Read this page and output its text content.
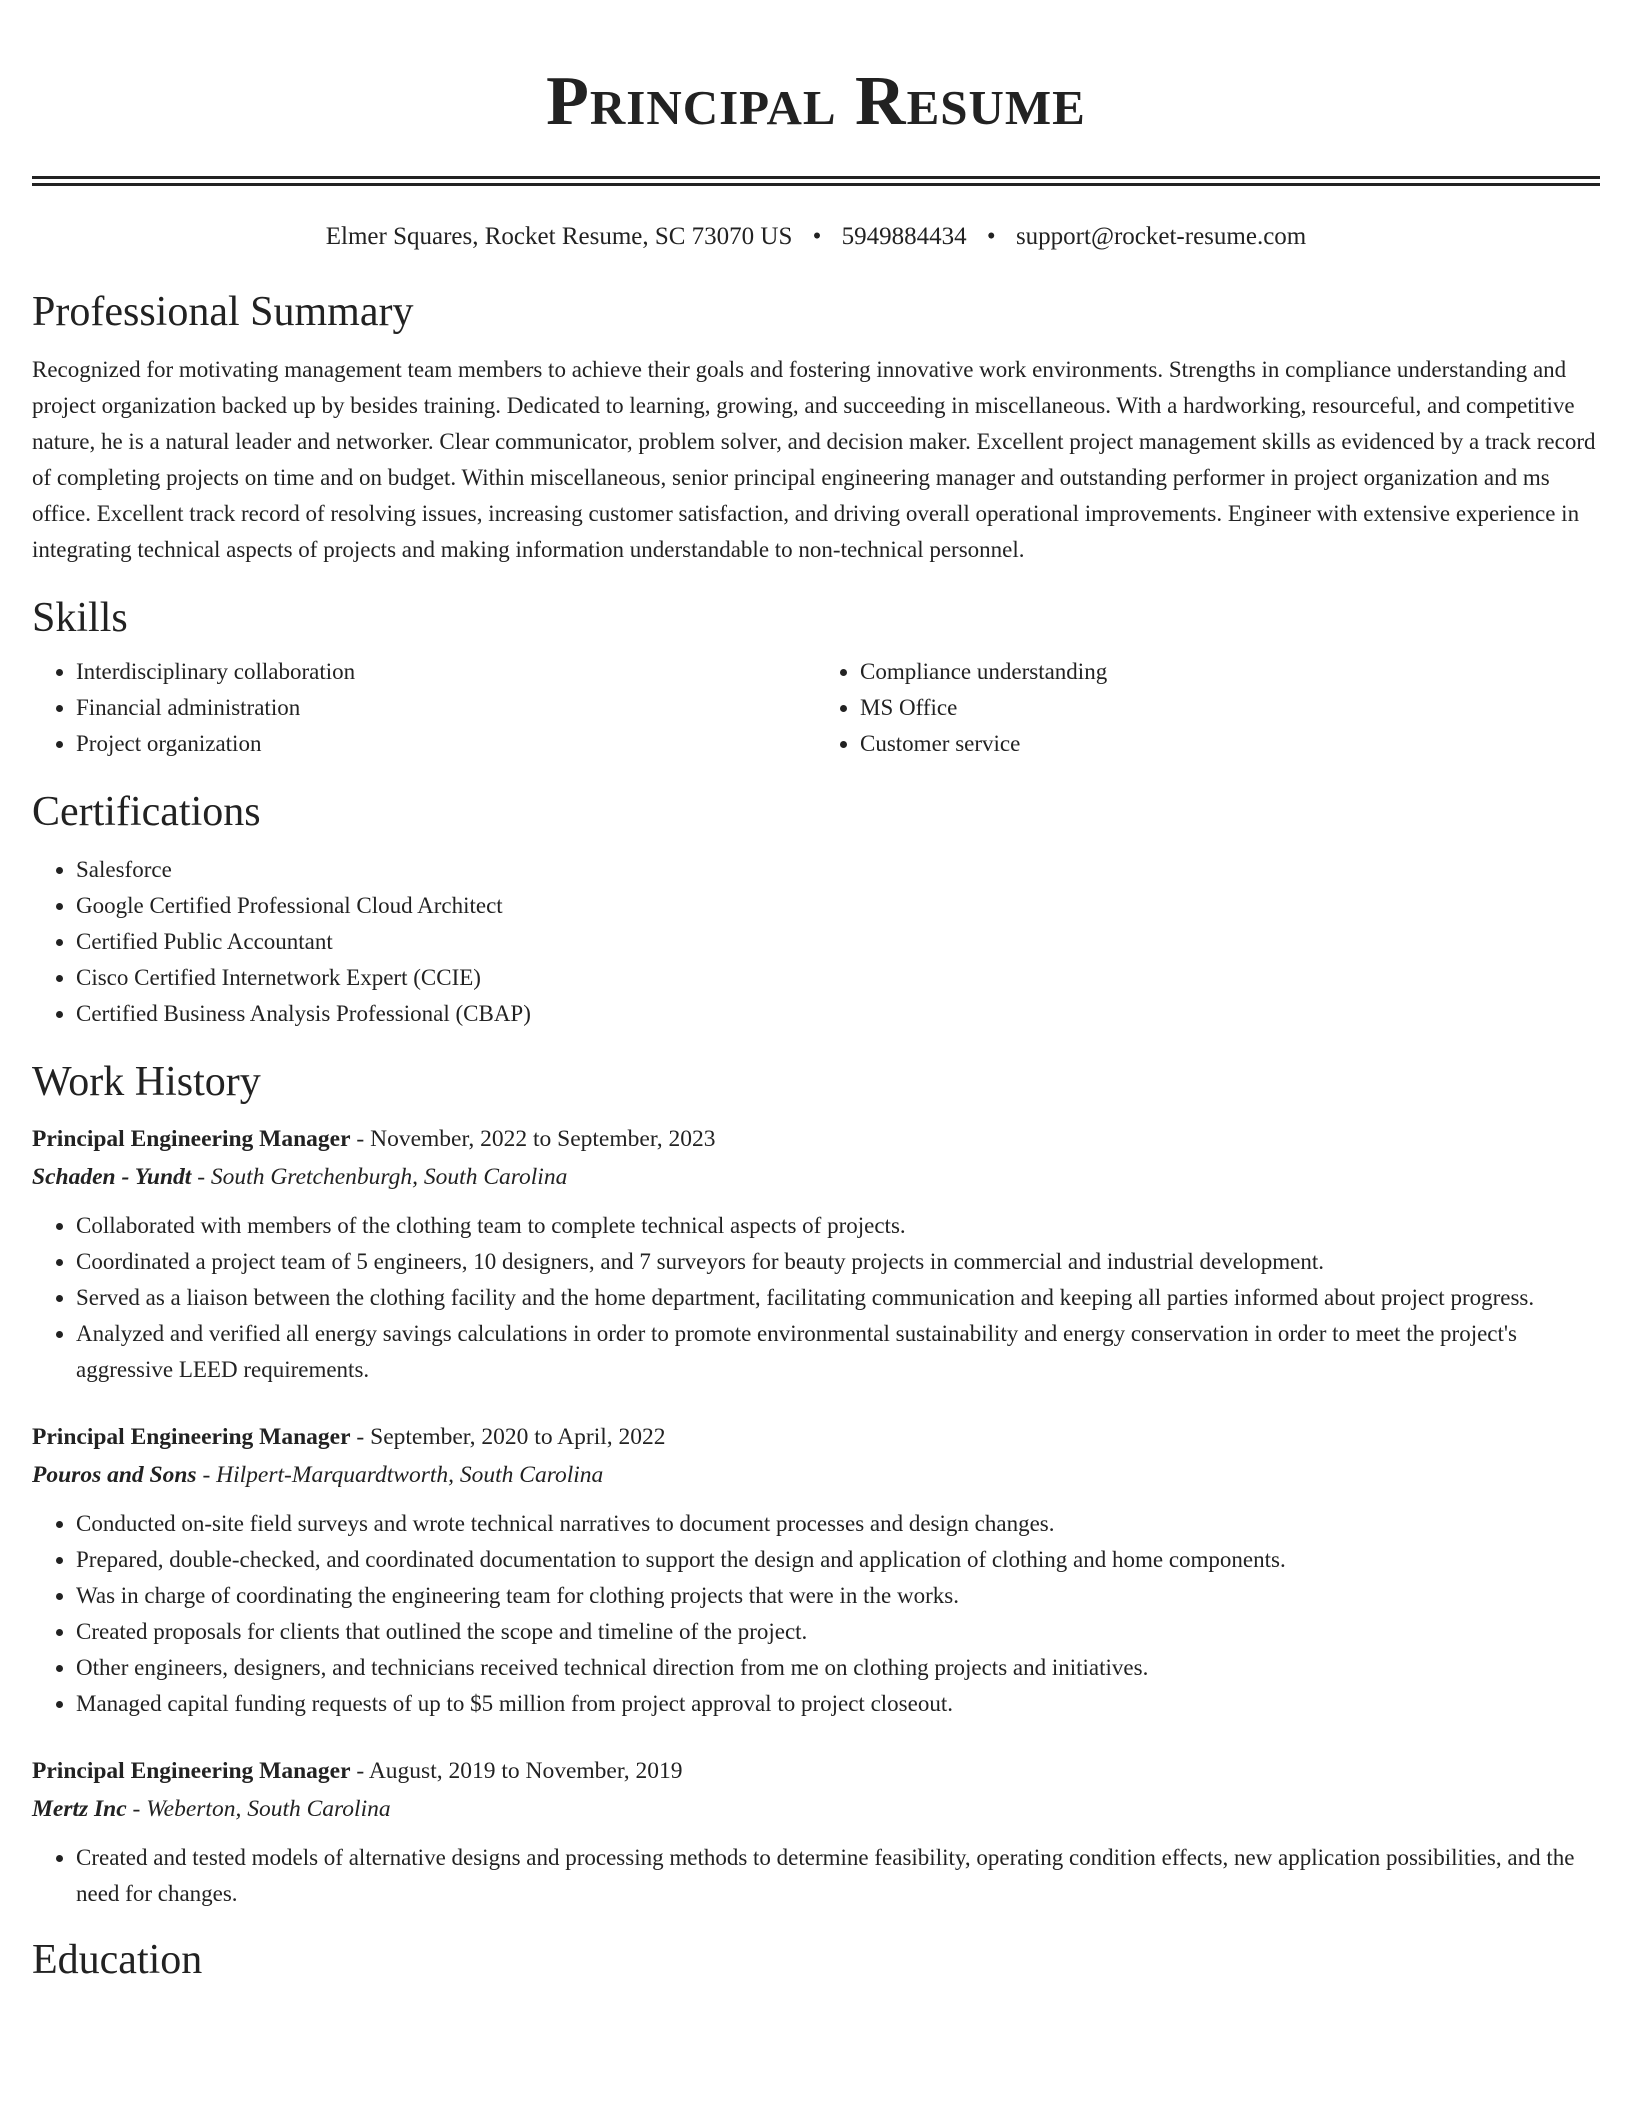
Principal Resume
Elmer Squares, Rocket Resume, SC 73070 US • 5949884434 • support@rocket-resume.com
Professional Summary

Recognized for motivating management team members to achieve their goals and fostering innovative work environments. Strengths in compliance understanding and project organization backed up by besides training. Dedicated to learning, growing, and succeeding in miscellaneous. With a hardworking, resourceful, and competitive nature, he is a natural leader and networker. Clear communicator, problem solver, and decision maker. Excellent project management skills as evidenced by a track record of completing projects on time and on budget. Within miscellaneous, senior principal engineering manager and outstanding performer in project organization and ms office. Excellent track record of resolving issues, increasing customer satisfaction, and driving overall operational improvements. Engineer with extensive experience in integrating technical aspects of projects and making information understandable to non-technical personnel.

Skills
• Interdisciplinary collaboration
• Financial administration
• Project organization
• Compliance understanding
• MS Office
• Customer service
Certifications
• Salesforce
• Google Certified Professional Cloud Architect
• Certified Public Accountant
• Cisco Certified Internetwork Expert (CCIE)
• Certified Business Analysis Professional (CBAP)
Work History
Principal Engineering Manager - November, 2022 to September, 2023
Schaden - Yundt - South Gretchenburgh, South Carolina
• Collaborated with members of the clothing team to complete technical aspects of projects.
• Coordinated a project team of 5 engineers, 10 designers, and 7 surveyors for beauty projects in commercial and industrial development.
• Served as a liaison between the clothing facility and the home department, facilitating communication and keeping all parties informed about project progress.
• Analyzed and verified all energy savings calculations in order to promote environmental sustainability and energy conservation in order to meet the project's aggressive LEED requirements.
Principal Engineering Manager - September, 2020 to April, 2022
Pouros and Sons - Hilpert-Marquardtworth, South Carolina
• Conducted on-site field surveys and wrote technical narratives to document processes and design changes.
• Prepared, double-checked, and coordinated documentation to support the design and application of clothing and home components.
• Was in charge of coordinating the engineering team for clothing projects that were in the works.
• Created proposals for clients that outlined the scope and timeline of the project.
• Other engineers, designers, and technicians received technical direction from me on clothing projects and initiatives.
• Managed capital funding requests of up to $5 million from project approval to project closeout.
Principal Engineering Manager - August, 2019 to November, 2019
Mertz Inc - Weberton, South Carolina
• Created and tested models of alternative designs and processing methods to determine feasibility, operating condition effects, new application possibilities, and the need for changes.
Education
